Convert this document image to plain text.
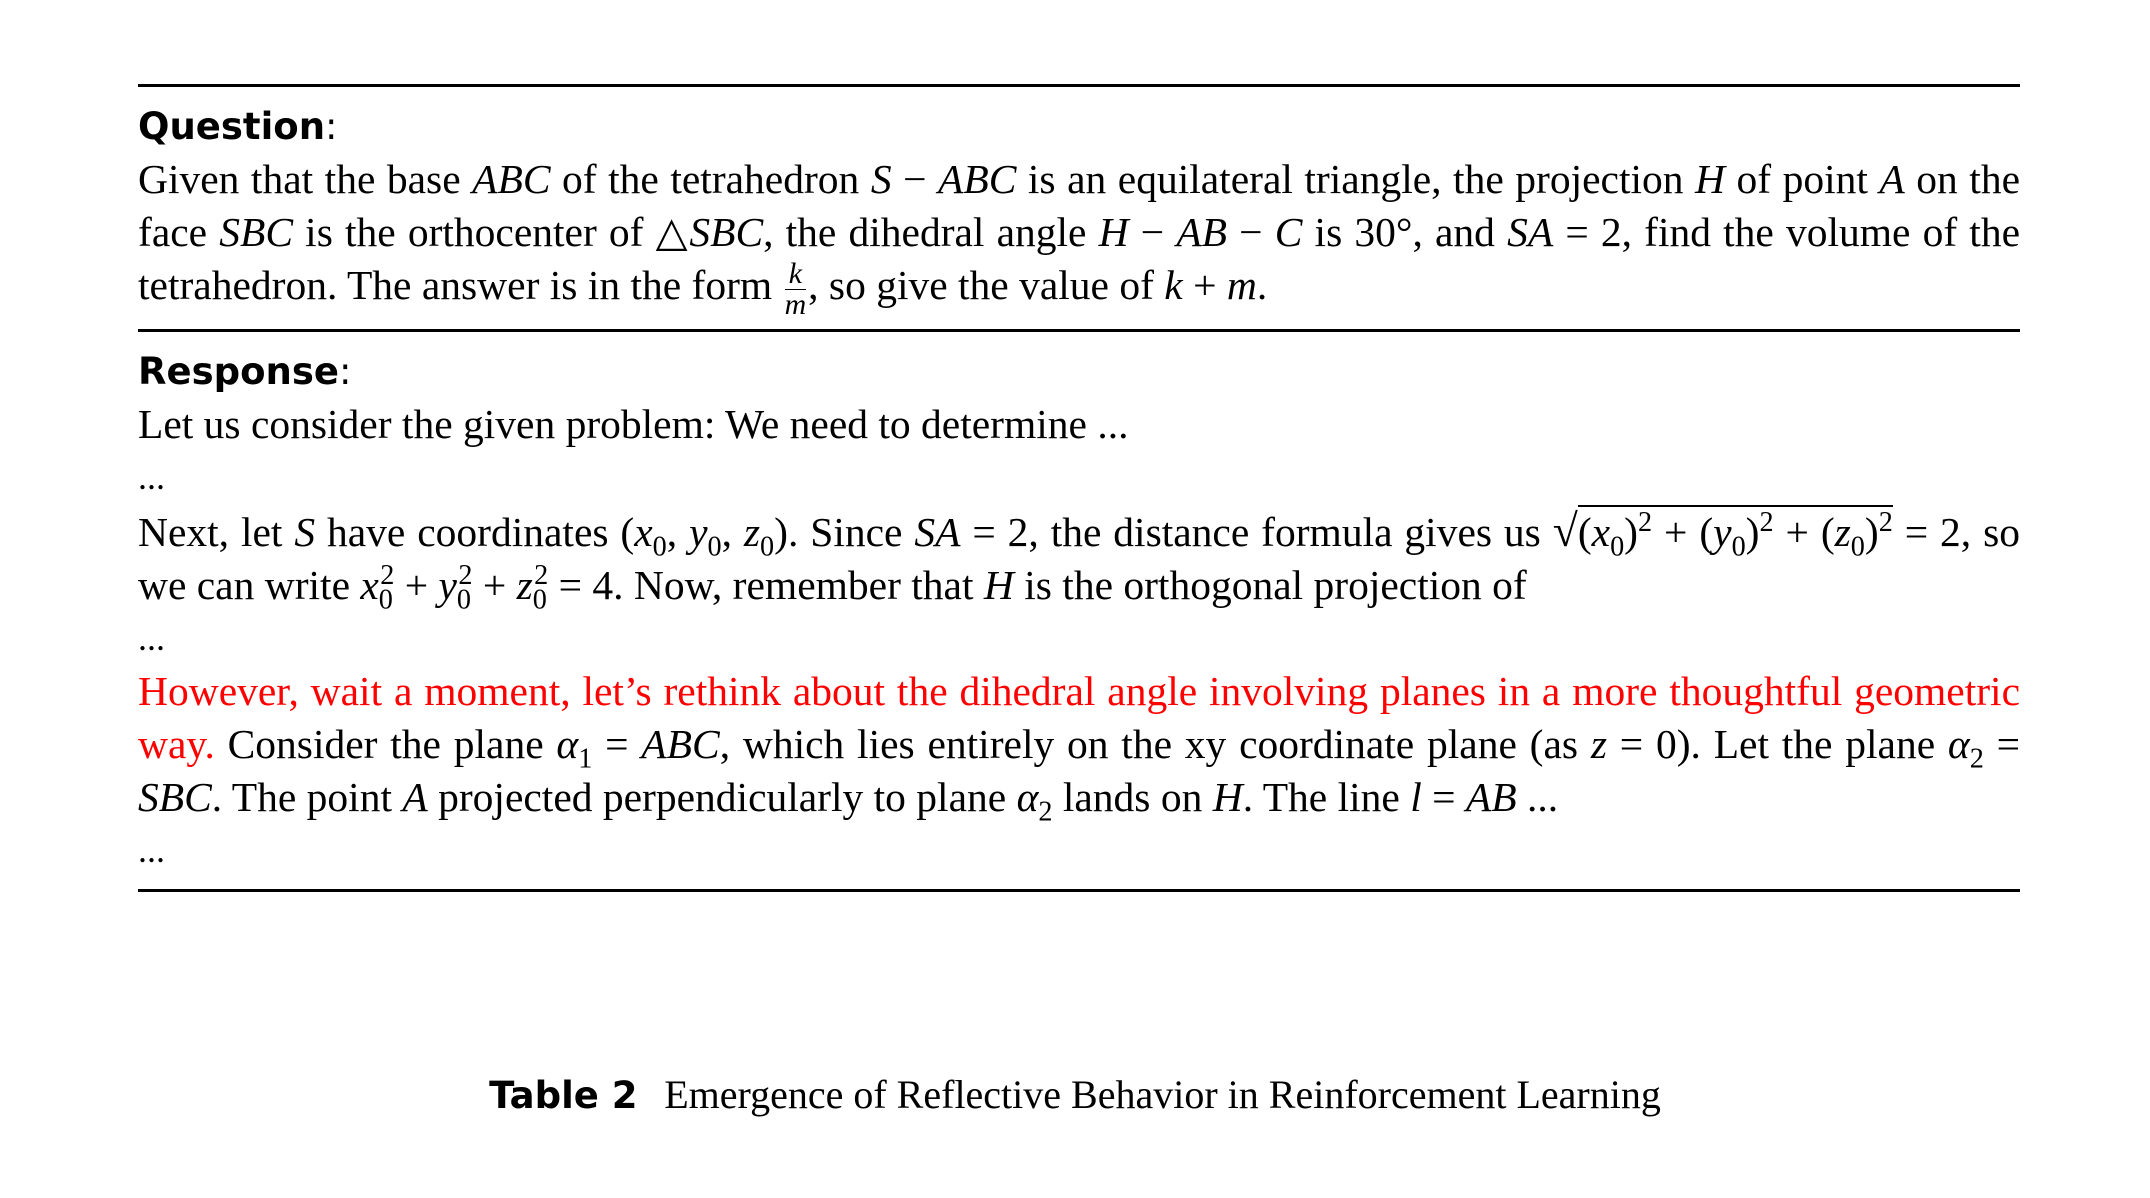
Question:
Given that the base ABC of the tetrahedron S − ABC is an equilateral triangle, the projection H of point A on the face SBC is the orthocenter of △SBC, the dihedral angle H − AB − C is 30°, and SA = 2, find the volume of the tetrahedron. The answer is in the form $\frac{k}{m}$ , so give the value of k + m.
Response:
Let us consider the given problem: We need to determine ...
...
Next, let S have coordinates ($x_0$, $y_0$, $z_0$). Since SA = 2, the distance formula gives us $√(x_0)^2 + (y_0)^2 + (z_0)^2 = 2$, so we can write $x_0^2 + y_0^2 + z_0^2 = 4$. Now, remember that H is the orthogonal projection of
...
However, wait a moment, let’s rethink about the dihedral angle involving planes in a more thoughtful geometric way. Consider the plane $\alpha_1$ = ABC, which lies entirely on the xy coordinate plane (as z = 0). Let the plane $\alpha_2$ = SBC. The point A projected perpendicularly to plane $\alpha_2$ lands on H. The line l = AB ...
...
Table 2 Emergence of Reflective Behavior in Reinforcement Learning
